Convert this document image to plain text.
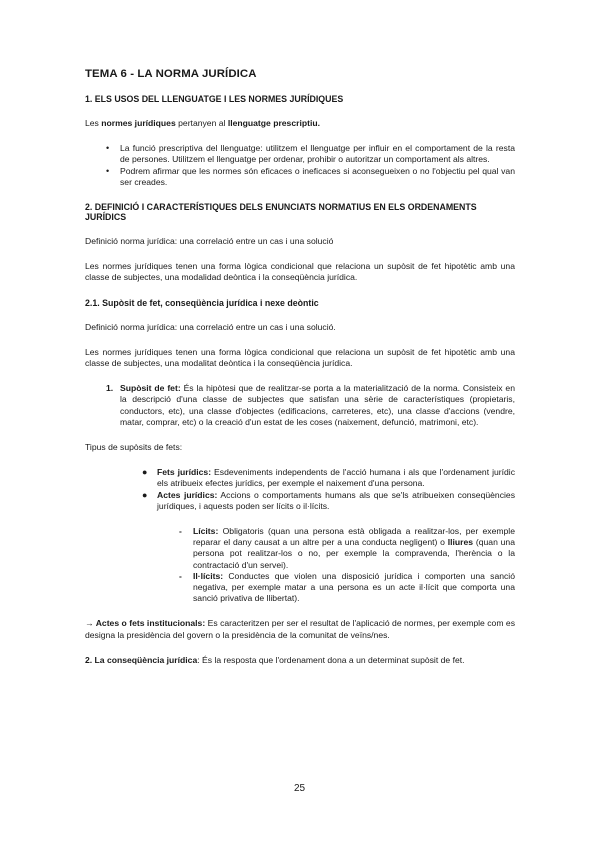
TEMA 6 - LA NORMA JURÍDICA

1. ELS USOS DEL LLENGUATGE I LES NORMES JURÍDIQUES

Les normes jurídiques pertanyen al llenguatge prescriptiu.

• La funció prescriptiva del llenguatge: utilitzem el llenguatge per influir en el comportament de la resta de persones. Utilitzem el llenguatge per ordenar, prohibir o autoritzar un comportament als altres.
• Podrem afirmar que les normes són eficaces o ineficaces si aconsegueixen o no l'objectiu pel qual van ser creades.

2. DEFINICIÓ I CARACTERÍSTIQUES DELS ENUNCIATS NORMATIUS EN ELS ORDENAMENTS JURÍDICS

Definició norma jurídica: una correlació entre un cas i una solució

Les normes jurídiques tenen una forma lògica condicional que relaciona un supòsit de fet hipotètic amb una classe de subjectes, una modalidad deòntica i la conseqüència jurídica.

2.1. Supòsit de fet, conseqüència jurídica i nexe deòntic

Definició norma jurídica: una correlació entre un cas i una solució.

Les normes jurídiques tenen una forma lògica condicional que relaciona un supòsit de fet hipotètic amb una classe de subjectes, una modalitat deòntica i la conseqüència jurídica.

1. Supòsit de fet: És la hipòtesi que de realitzar-se porta a la materialització de la norma. Consisteix en la descripció d'una classe de subjectes que satisfan una sèrie de característiques (propietaris, conductors, etc), una classe d'objectes (edificacions, carreteres, etc), una classe d'accions (vendre, matar, comprar, etc) o la creació d'un estat de les coses (naixement, defunció, matrimoni, etc).

Tipus de supòsits de fets:

● Fets jurídics: Esdeveniments independents de l'acció humana i als que l'ordenament jurídic els atribueix efectes jurídics, per exemple el naixement d'una persona.
● Actes jurídics: Accions o comportaments humans als que se'ls atribueixen conseqüències jurídiques, i aquests poden ser lícits o il·lícits.
- Lícits: Obligatoris (quan una persona està obligada a realitzar-los, per exemple reparar el dany causat a un altre per a una conducta negligent) o lliures (quan una persona pot realitzar-los o no, per exemple la compravenda, l'herència o la contractació d'un servei).
- Il·lícits: Conductes que violen una disposició jurídica i comporten una sanció negativa, per exemple matar a una persona es un acte il·lícit que comporta una sanció privativa de llibertat).

→ Actes o fets institucionals: Es caracteritzen per ser el resultat de l'aplicació de normes, per exemple com es designa la presidència del govern o la presidència de la comunitat de veïns/nes.

2. La conseqüència jurídica: És la resposta que l'ordenament dona a un determinat supòsit de fet.

25
